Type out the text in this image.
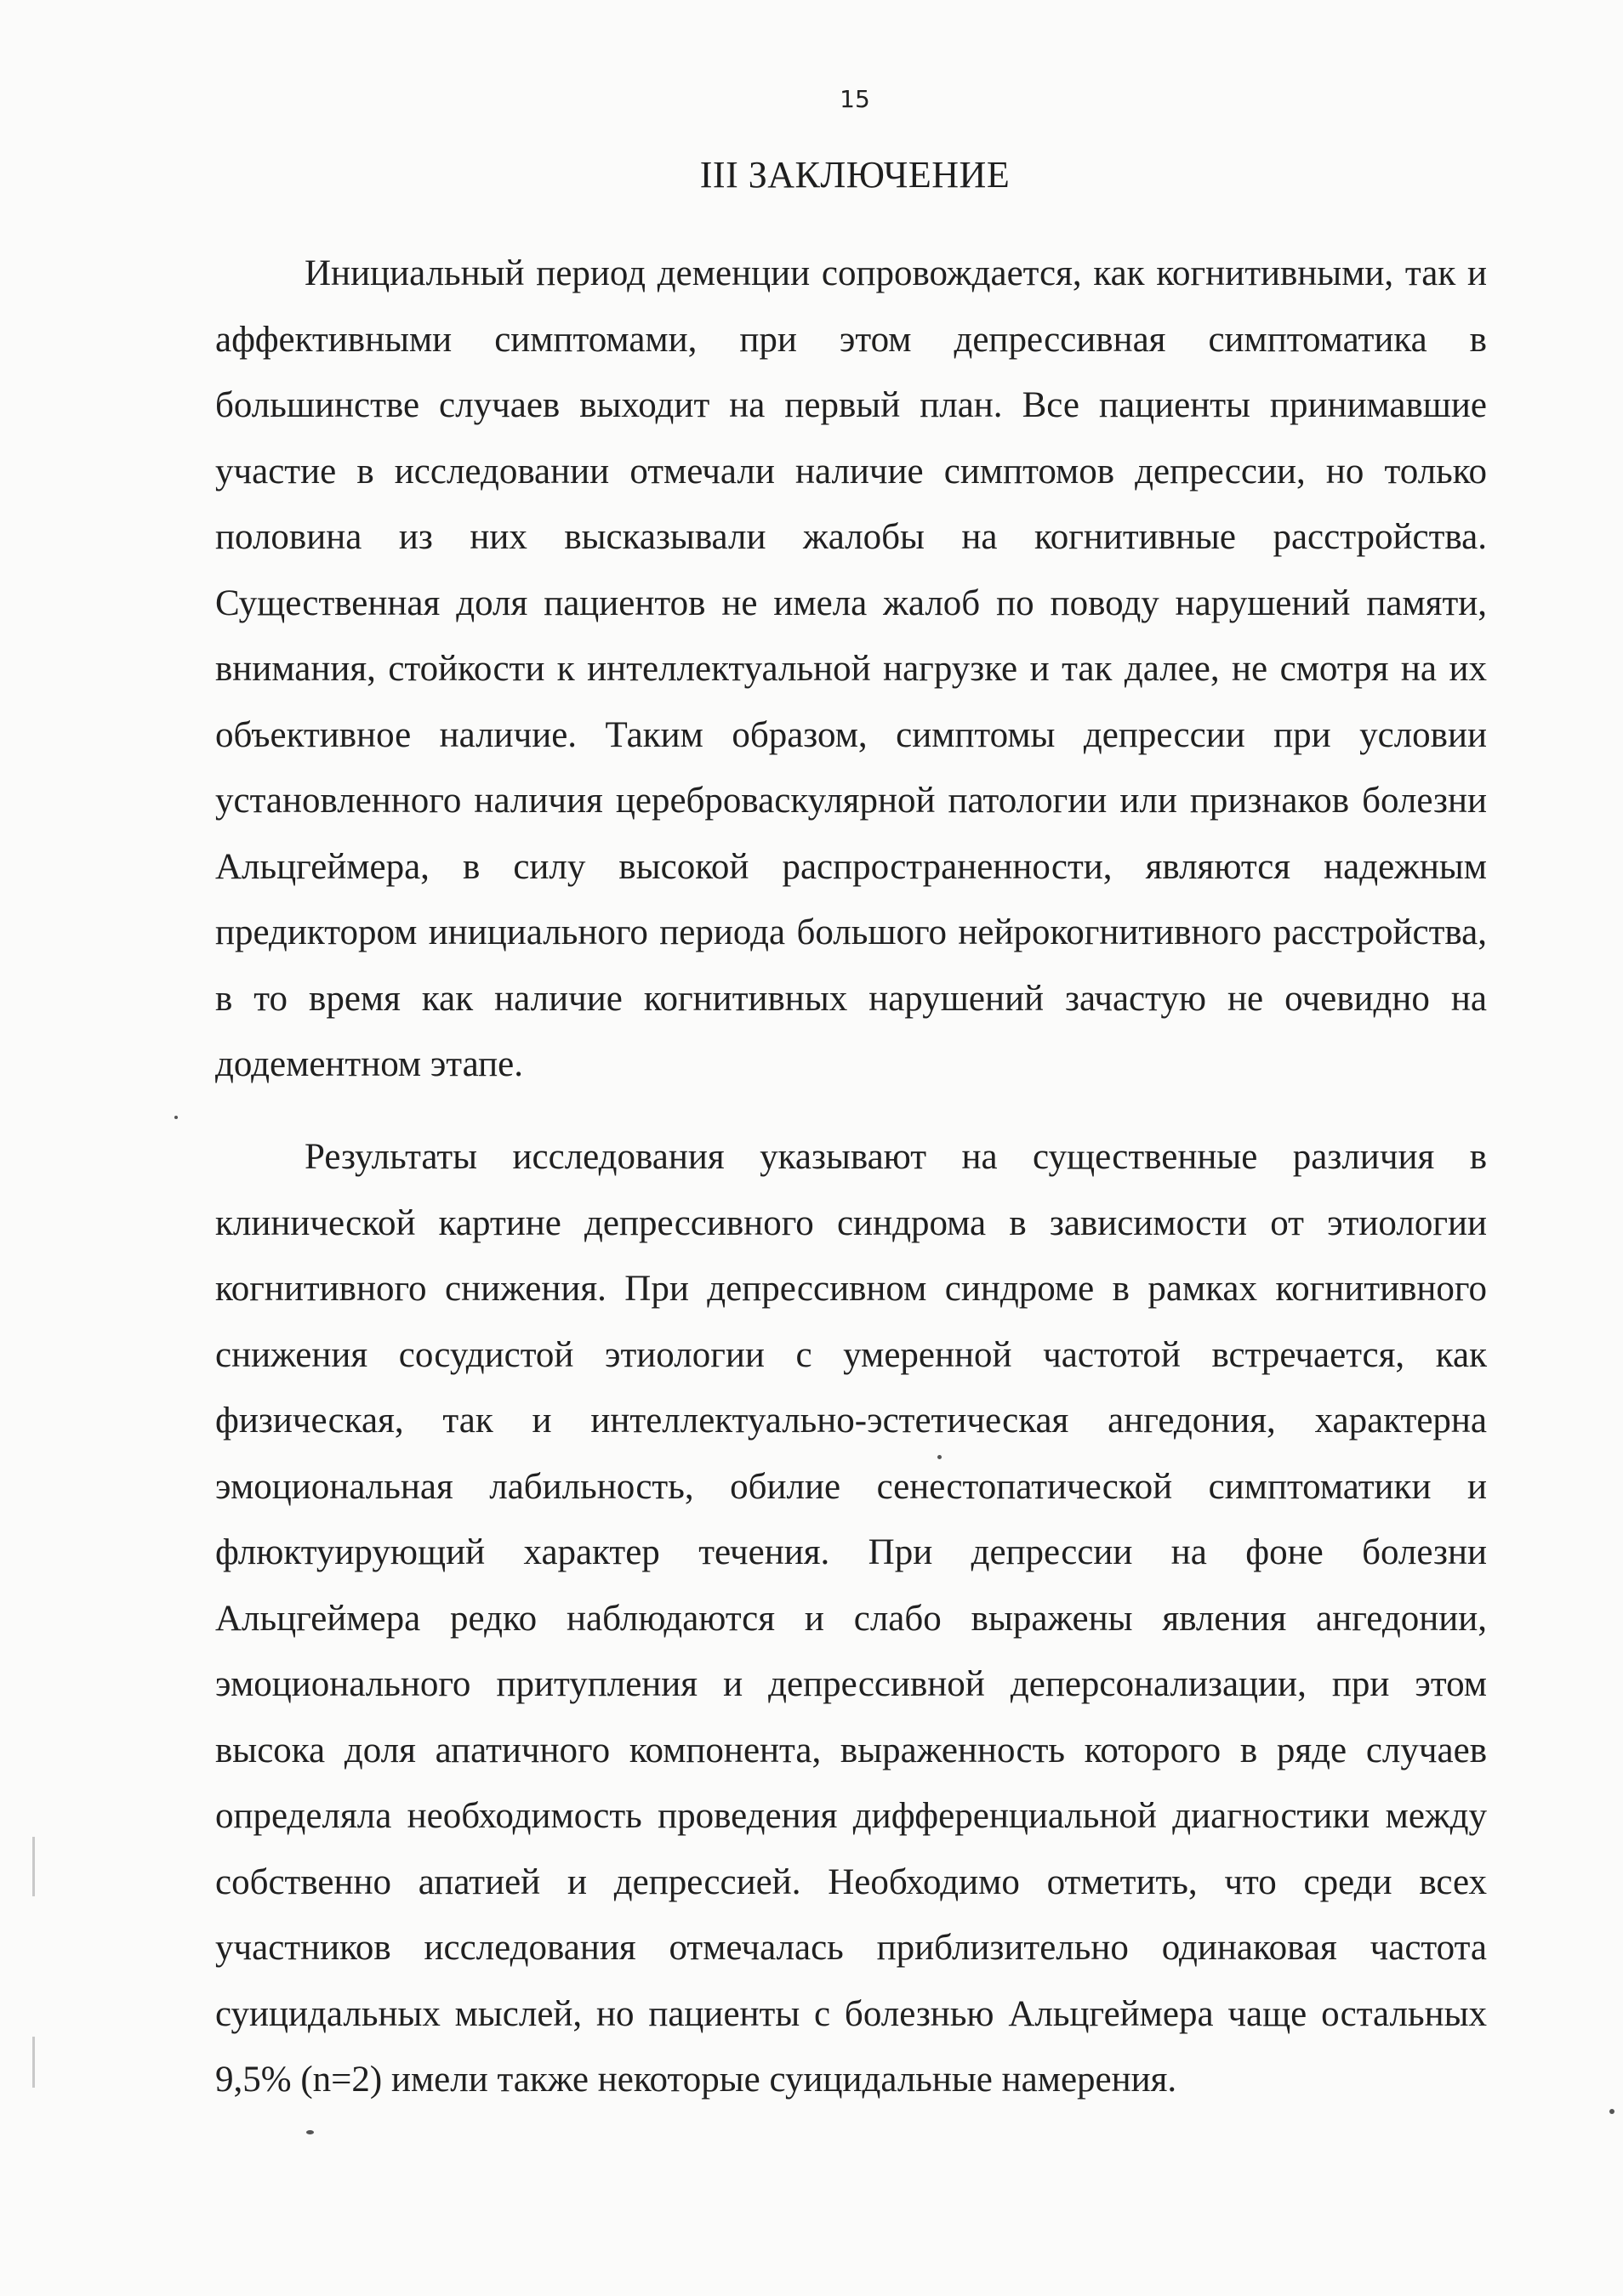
15
III ЗАКЛЮЧЕНИЕ

Инициальный период деменции сопровождается, как когнитивными, так и аффективными симптомами, при этом депрессивная симптоматика в большинстве случаев выходит на первый план. Все пациенты принимавшие участие в исследовании отмечали наличие симптомов депрессии, но только половина из них высказывали жалобы на когнитивные расстройства. Существенная доля пациентов не имела жалоб по поводу нарушений памяти, внимания, стойкости к интеллектуальной нагрузке и так далее, не смотря на их объективное наличие. Таким образом, симптомы депрессии при условии установленного наличия цереброваскулярной патологии или признаков болезни Альцгеймера, в силу высокой распространенности, являются надежным предиктором инициального периода большого нейрокогнитивного расстройства, в то время как наличие когнитивных нарушений зачастую не очевидно на додементном этапе.

Результаты исследования указывают на существенные различия в клинической картине депрессивного синдрома в зависимости от этиологии когнитивного снижения. При депрессивном синдроме в рамках когнитивного снижения сосудистой этиологии с умеренной частотой встречается, как физическая, так и интеллектуально-эстетическая ангедония, характерна эмоциональная лабильность, обилие сенестопатической симптоматики и флюктуирующий характер течения. При депрессии на фоне болезни Альцгеймера редко наблюдаются и слабо выражены явления ангедонии, эмоционального притупления и депрессивной деперсонализации, при этом высока доля апатичного компонента, выраженность которого в ряде случаев определяла необходимость проведения дифференциальной диагностики между собственно апатией и депрессией. Необходимо отметить, что среди всех участников исследования отмечалась приблизительно одинаковая частота суицидальных мыслей, но пациенты с болезнью Альцгеймера чаще остальных 9,5% (n=2) имели также некоторые суицидальные намерения.
